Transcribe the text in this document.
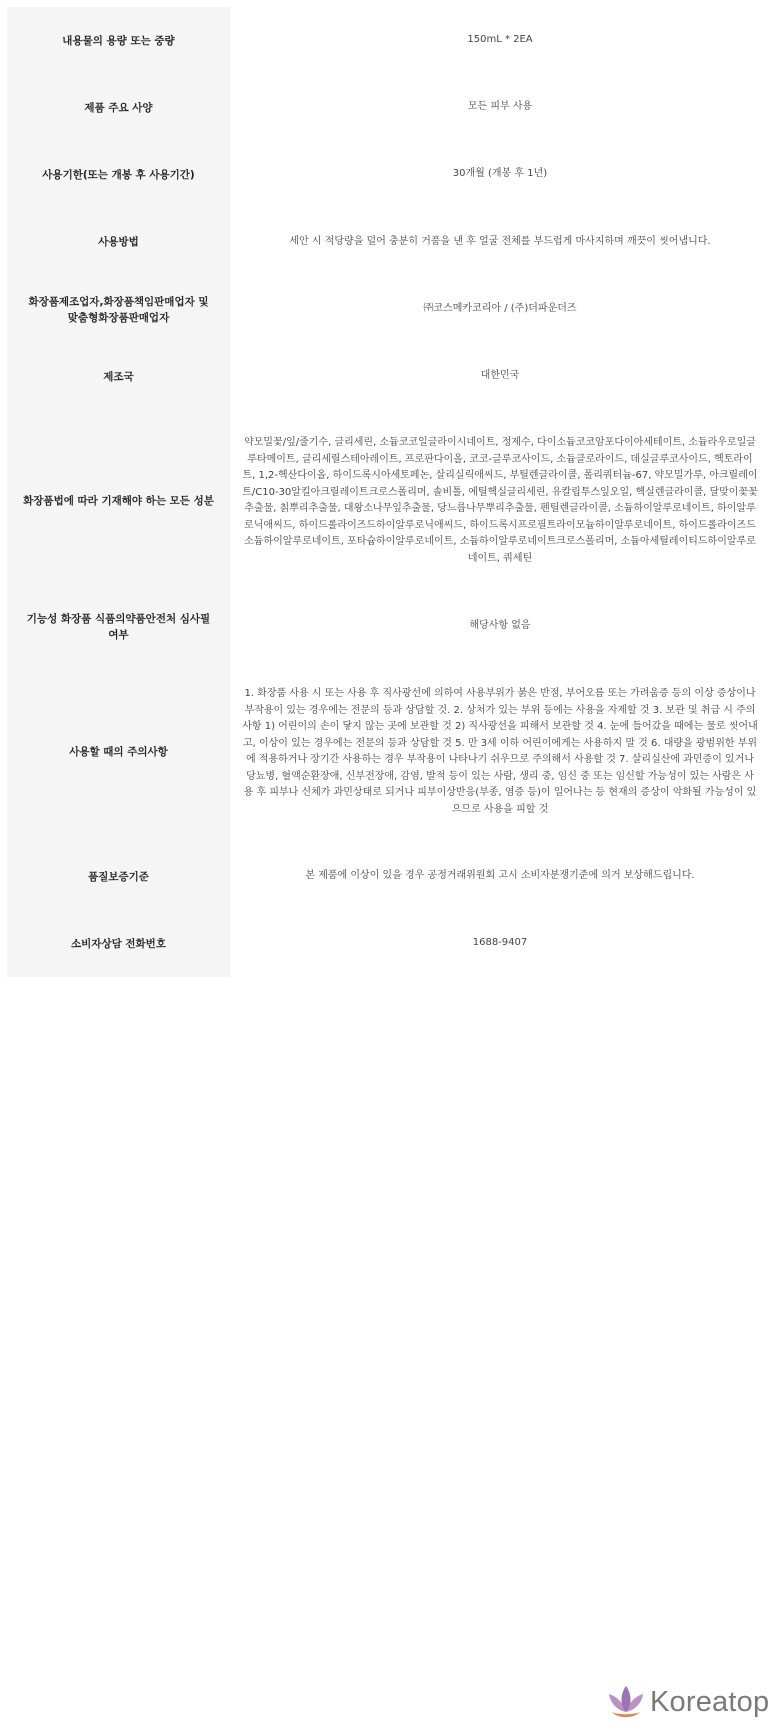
내용물의 용량 또는 중량	150mL * 2EA
제품 주요 사양	모든 피부 사용
사용기한(또는 개봉 후 사용기간)	30개월 (개봉 후 1년)
사용방법	세안 시 적당량을 덜어 충분히 거품을 낸 후 얼굴 전체를 부드럽게 마사지하며 깨끗이 씻어냅니다.
화장품제조업자,화장품책임판매업자 및 맞춤형화장품판매업자	㈜코스메카코리아 / (주)더파운더즈
제조국	대한민국
화장품법에 따라 기재해야 하는 모든 성분	약모밀꽃/잎/줄기수, 글리세린, 소듐코코일글라이시네이트, 정제수, 다이소듐코코암포다이아세테이트, 소듐라우로일글루타메이트, 글리세릴스테아레이트, 프로판다이올, 코코-글루코사이드, 소듐클로라이드, 데실글루코사이드, 헥토라이트, 1,2-헥산다이올, 하이드록시아세토페논, 살리실릭애씨드, 부틸렌글라이콜, 폴리쿼터늄-67, 약모밀가루, 아크릴레이트/C10-30알킬아크릴레이트크로스폴리머, 솔비톨, 에틸헥실글리세린, 유칼립투스잎오일, 헥실렌글라이콜, 달맞이꽃꽃추출물, 칡뿌리추출물, 대왕소나무잎추출물, 당느릅나무뿌리추출물, 펜틸렌글라이콜, 소듐하이알루로네이트, 하이알루로닉애씨드, 하이드롤라이즈드하이알루로닉애씨드, 하이드록시프로필트라이모늄하이알루로네이트, 하이드롤라이즈드소듐하이알루로네이트, 포타슘하이알루로네이트, 소듐하이알루로네이트크로스폴리머, 소듐아세틸레이티드하이알루로네이트, 쿼세틴
기능성 화장품 식품의약품안전처 심사필 여부	해당사항 없음
사용할 때의 주의사항	1. 화장품 사용 시 또는 사용 후 직사광선에 의하여 사용부위가 붉은 반점, 부어오름 또는 가려움증 등의 이상 증상이나 부작용이 있는 경우에는 전문의 등과 상담할 것. 2. 상처가 있는 부위 등에는 사용을 자제할 것 3. 보관 및 취급 시 주의사항 1) 어린이의 손이 닿지 않는 곳에 보관할 것 2) 직사광선을 피해서 보관할 것 4. 눈에 들어갔을 때에는 물로 씻어내고, 이상이 있는 경우에는 전문의 등과 상담할 것 5. 만 3세 이하 어린이에게는 사용하지 말 것 6. 대량을 광범위한 부위에 적용하거나 장기간 사용하는 경우 부작용이 나타나기 쉬우므로 주의해서 사용할 것 7. 살리실산에 과민증이 있거나 당뇨병, 혈액순환장애, 신부전장애, 감염, 발적 등이 있는 사람, 생리 중, 임신 중 또는 임신할 가능성이 있는 사람은 사용 후 피부나 신체가 과민상태로 되거나 피부이상반응(부종, 염증 등)이 일어나는 등 현재의 증상이 악화될 가능성이 있으므로 사용을 피할 것
품질보증기준	본 제품에 이상이 있을 경우 공정거래위원회 고시 소비자분쟁기준에 의거 보상해드립니다.
소비자상담 전화번호	1688-9407
Koreatop
